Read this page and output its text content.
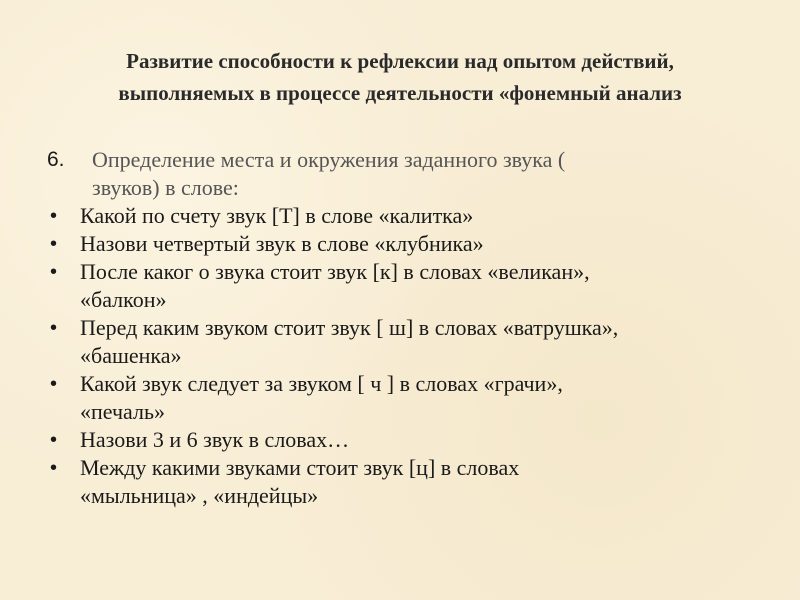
Развитие способности к рефлексии над опытом действий,
выполняемых в процессе деятельности «фонемный анализ
6. Определение места и окружения заданного звука (
звуков) в слове:
• Какой по счету звук [Т] в слове «калитка»
• Назови четвертый звук в слове «клубника»
• После каког о звука стоит звук [к] в словах «великан»,
«балкон»
• Перед каким звуком стоит звук [ ш] в словах «ватрушка»,
«башенка»
• Какой звук следует за звуком [ ч ] в словах «грачи»,
«печаль»
• Назови 3 и 6 звук в словах…
• Между какими звуками стоит звук [ц] в словах
«мыльница» , «индейцы»
